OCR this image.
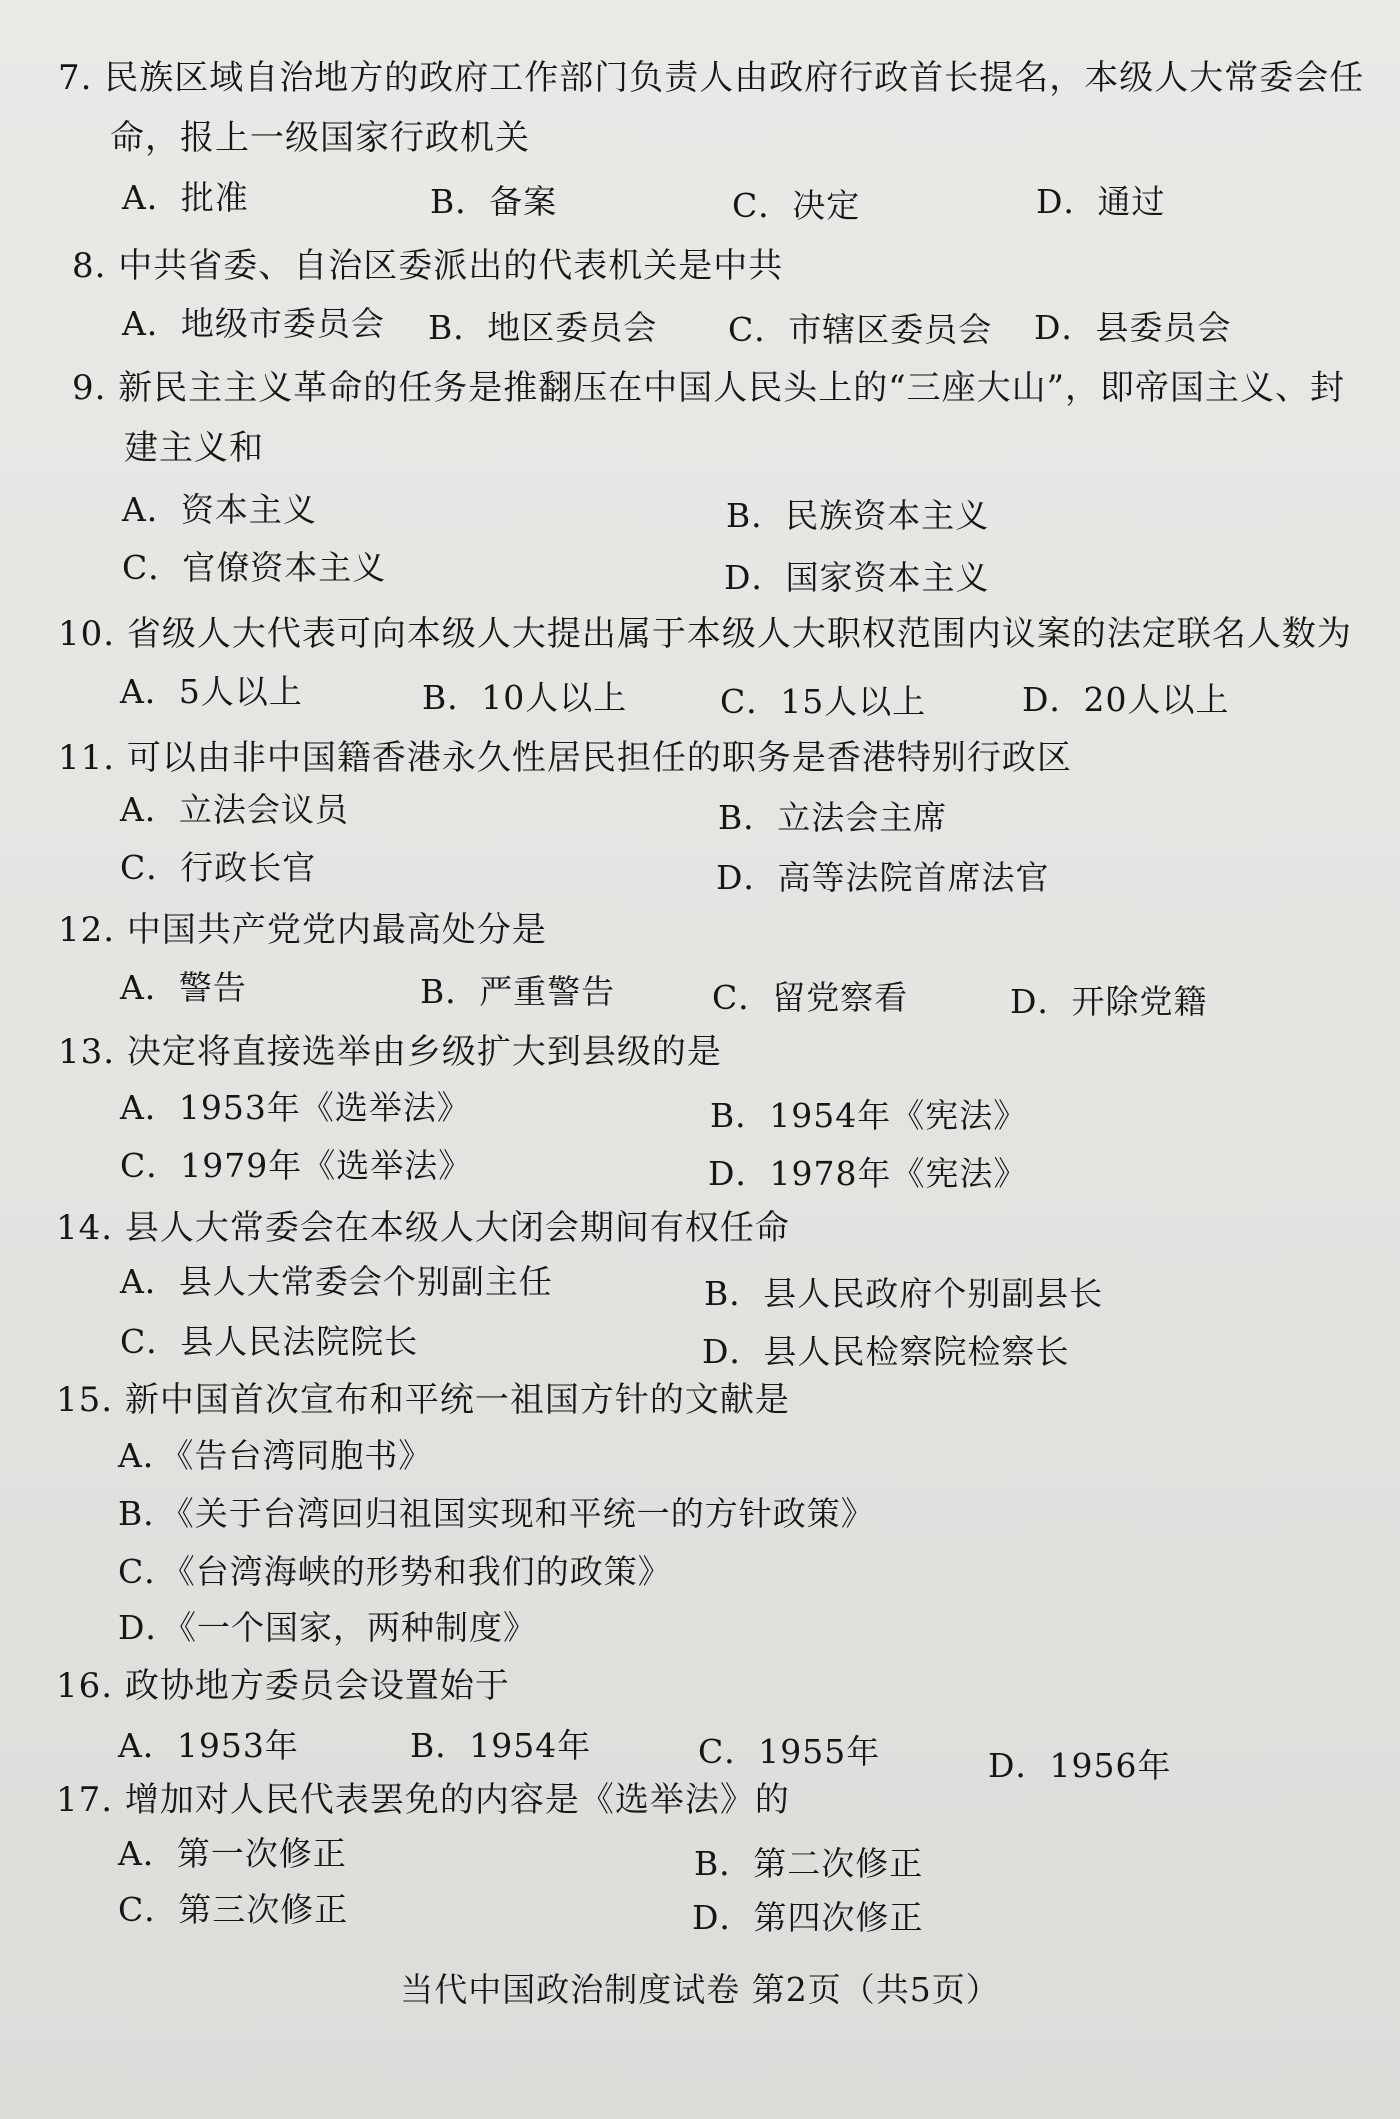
7. 民族区域自治地方的政府工作部门负责人由政府行政首长提名，本级人大常委会任
命，报上一级国家行政机关
A．批准	B．备案	C．决定	D．通过
8. 中共省委、自治区委派出的代表机关是中共
A．地级市委员会 B．地区委员会 C．市辖区委员会 D．县委员会
9. 新民主主义革命的任务是推翻压在中国人民头上的“三座大山”，即帝国主义、封
建主义和
A．资本主义	B．民族资本主义
C．官僚资本主义	D．国家资本主义
10. 省级人大代表可向本级人大提出属于本级人大职权范围内议案的法定联名人数为
A．5人以上	B．10人以上	C．15人以上	D．20人以上
11. 可以由非中国籍香港永久性居民担任的职务是香港特别行政区
A．立法会议员	B．立法会主席
C．行政长官	D．高等法院首席法官
12. 中国共产党党内最高处分是
A．警告	B．严重警告	C．留党察看	D．开除党籍
13. 决定将直接选举由乡级扩大到县级的是
A．1953年《选举法》	B．1954年《宪法》
C．1979年《选举法》	D．1978年《宪法》
14. 县人大常委会在本级人大闭会期间有权任命
A．县人大常委会个别副主任	B．县人民政府个别副县长
C．县人民法院院长	D．县人民检察院检察长
15. 新中国首次宣布和平统一祖国方针的文献是
A．《告台湾同胞书》
B．《关于台湾回归祖国实现和平统一的方针政策》
C．《台湾海峡的形势和我们的政策》
D．《一个国家，两种制度》
16. 政协地方委员会设置始于
A．1953年	B．1954年	C．1955年	D．1956年
17. 增加对人民代表罢免的内容是《选举法》的
A．第一次修正	B．第二次修正
C．第三次修正	D．第四次修正
当代中国政治制度试卷 第2页（共5页）
